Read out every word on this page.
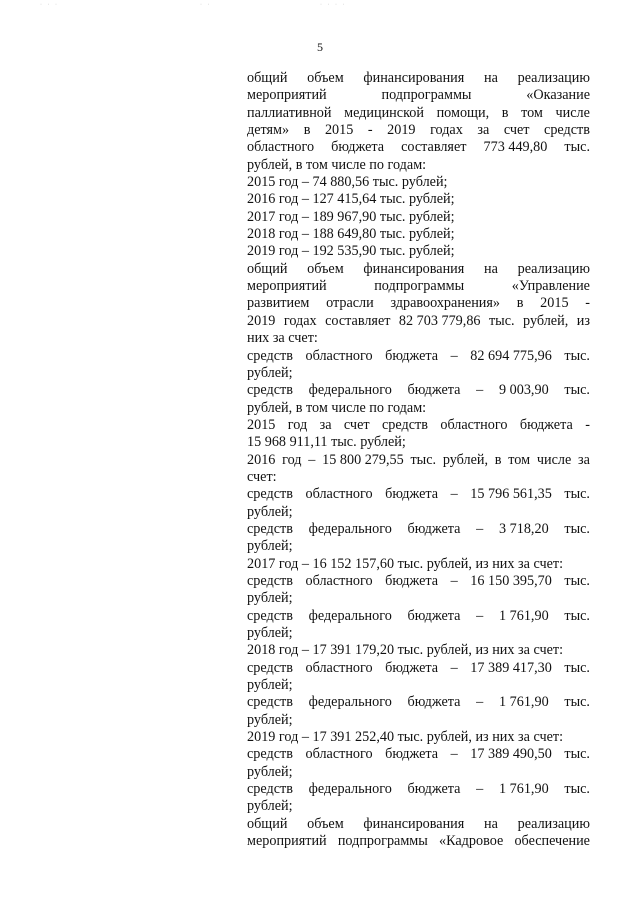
· · ·	· ·	· · · ·
5
общий объем финансирования на реализацию
мероприятий	подпрограммы	«Оказание
паллиативной медицинской помощи, в том числе
детям» в 2015 - 2019 годах за счет средств
областного бюджета составляет 773 449,80 тыс.
рублей, в том числе по годам:
2015 год – 74 880,56 тыс. рублей;
2016 год – 127 415,64 тыс. рублей;
2017 год – 189 967,90 тыс. рублей;
2018 год – 188 649,80 тыс. рублей;
2019 год – 192 535,90 тыс. рублей;
общий объем финансирования на реализацию
мероприятий	подпрограммы	«Управление
развитием отрасли здравоохранения» в 2015 -
2019 годах составляет 82 703 779,86 тыс. рублей, из
них за счет:
средств областного бюджета – 82 694 775,96 тыс.
рублей;
средств федерального бюджета – 9 003,90 тыс.
рублей, в том числе по годам:
2015 год за счет средств областного бюджета -
15 968 911,11 тыс. рублей;
2016 год – 15 800 279,55 тыс. рублей, в том числе за
счет:
средств областного бюджета – 15 796 561,35 тыс.
рублей;
средств федерального бюджета – 3 718,20 тыс.
рублей;
2017 год – 16 152 157,60 тыс. рублей, из них за счет:
средств областного бюджета – 16 150 395,70 тыс.
рублей;
средств федерального бюджета – 1 761,90 тыс.
рублей;
2018 год – 17 391 179,20 тыс. рублей, из них за счет:
средств областного бюджета – 17 389 417,30 тыс.
рублей;
средств федерального бюджета – 1 761,90 тыс.
рублей;
2019 год – 17 391 252,40 тыс. рублей, из них за счет:
средств областного бюджета – 17 389 490,50 тыс.
рублей;
средств федерального бюджета – 1 761,90 тыс.
рублей;
общий объем финансирования на реализацию
мероприятий подпрограммы «Кадровое обеспечение
